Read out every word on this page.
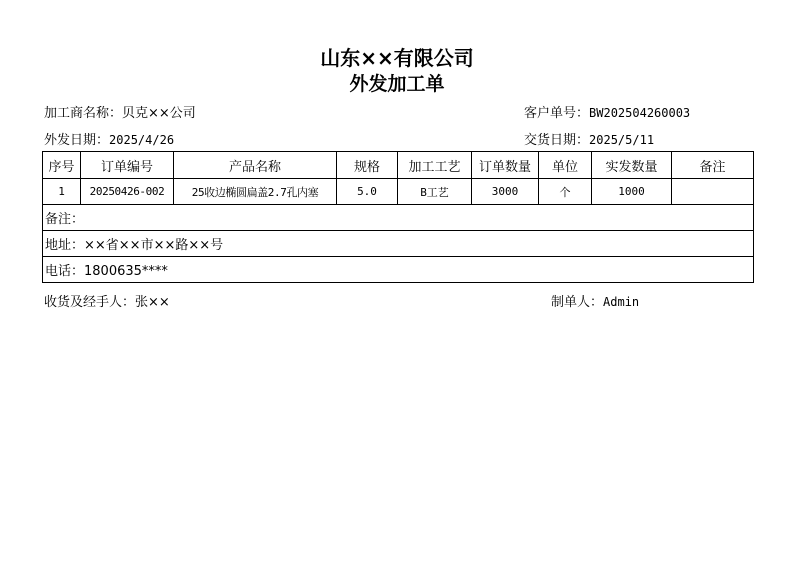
山东××有限公司
外发加工单
加工商名称：贝克××公司	客户单号：BW202504260003
外发日期：2025/4/26	交货日期：2025/5/11
序号	订单编号	产品名称	规格	加工工艺	订单数量	单位	实发数量	备注
1	20250426-002	25收边椭圆扁盖2.7孔内塞	5.0	B工艺	3000	个	1000	
备注：								
地址：××省××市××路××号								
电话：1800635****								
收货及经手人：张××	制单人：Admin
